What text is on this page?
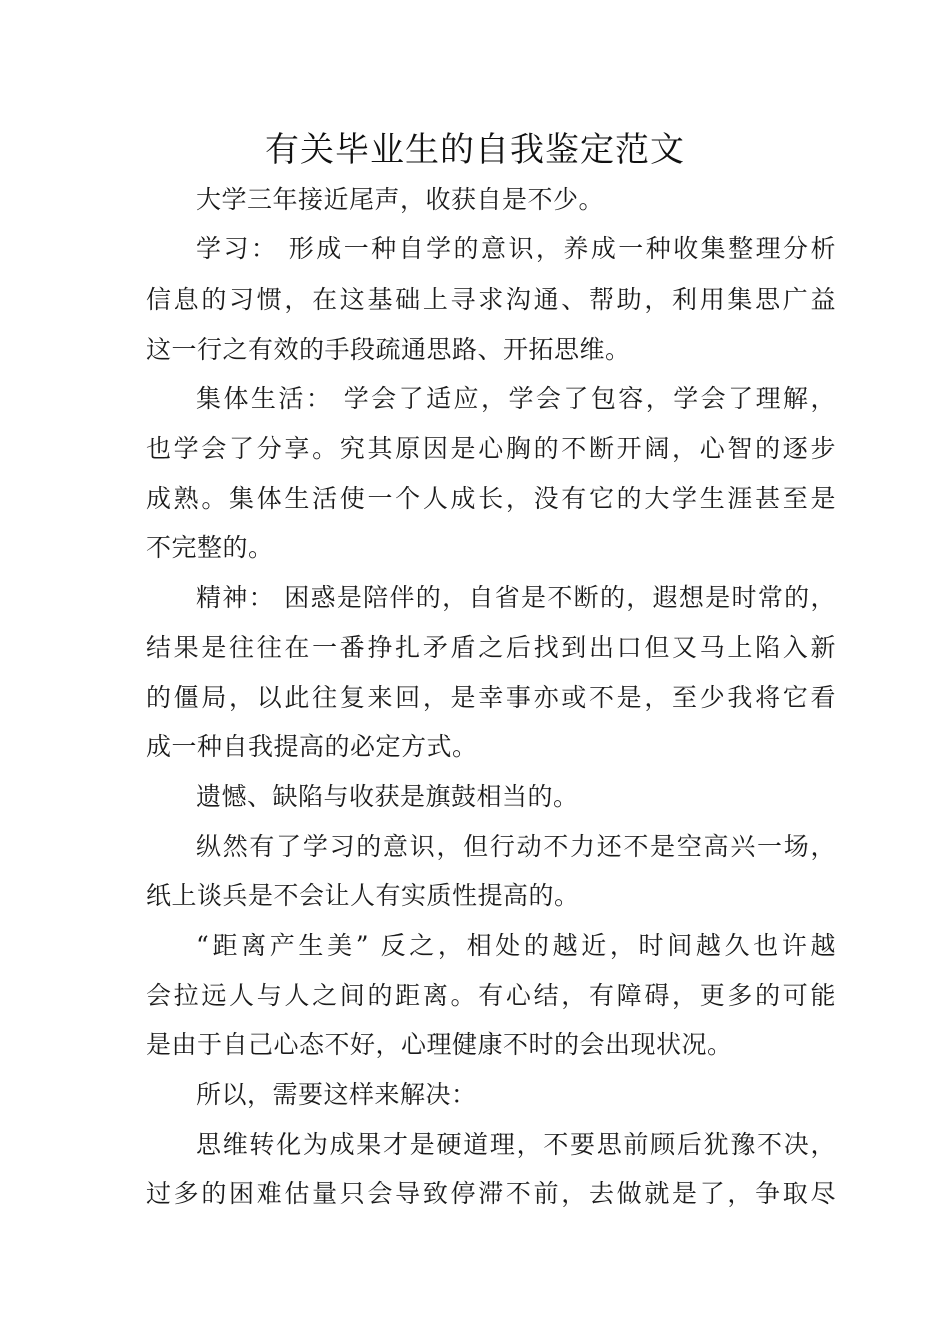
有关毕业生的自我鉴定范文
大学三年接近尾声，收获自是不少。
学习： 形成一种自学的意识，养成一种收集整理分析
信息的习惯，在这基础上寻求沟通、帮助，利用集思广益
这一行之有效的手段疏通思路、开拓思维。
集体生活： 学会了适应，学会了包容，学会了理解，
也学会了分享。究其原因是心胸的不断开阔，心智的逐步
成熟。集体生活使一个人成长，没有它的大学生涯甚至是
不完整的。
精神： 困惑是陪伴的，自省是不断的，遐想是时常的，
结果是往往在一番挣扎矛盾之后找到出口但又马上陷入新
的僵局，以此往复来回，是幸事亦或不是，至少我将它看
成一种自我提高的必定方式。
遗憾、缺陷与收获是旗鼓相当的。
纵然有了学习的意识，但行动不力还不是空高兴一场，
纸上谈兵是不会让人有实质性提高的。
“距离产生美” 反之，相处的越近，时间越久也许越
会拉远人与人之间的距离。有心结，有障碍，更多的可能
是由于自己心态不好，心理健康不时的会出现状况。
所以，需要这样来解决：
思维转化为成果才是硬道理，不要思前顾后犹豫不决，
过多的困难估量只会导致停滞不前，去做就是了，争取尽
